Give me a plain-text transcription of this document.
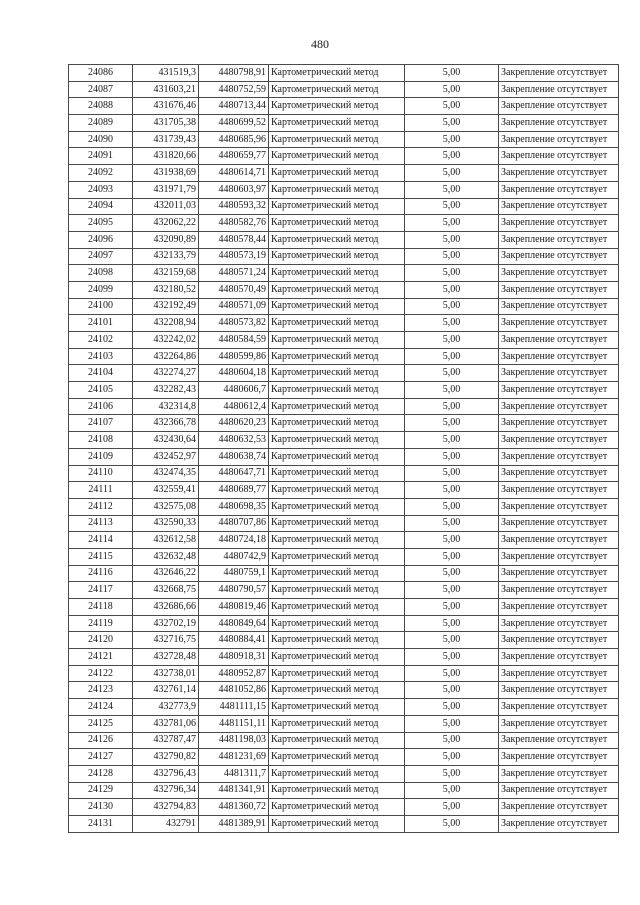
480
24086	431519,3	4480798,91	Картометрический метод	5,00	Закрепление отсутствует
24087	431603,21	4480752,59	Картометрический метод	5,00	Закрепление отсутствует
24088	431676,46	4480713,44	Картометрический метод	5,00	Закрепление отсутствует
24089	431705,38	4480699,52	Картометрический метод	5,00	Закрепление отсутствует
24090	431739,43	4480685,96	Картометрический метод	5,00	Закрепление отсутствует
24091	431820,66	4480659,77	Картометрический метод	5,00	Закрепление отсутствует
24092	431938,69	4480614,71	Картометрический метод	5,00	Закрепление отсутствует
24093	431971,79	4480603,97	Картометрический метод	5,00	Закрепление отсутствует
24094	432011,03	4480593,32	Картометрический метод	5,00	Закрепление отсутствует
24095	432062,22	4480582,76	Картометрический метод	5,00	Закрепление отсутствует
24096	432090,89	4480578,44	Картометрический метод	5,00	Закрепление отсутствует
24097	432133,79	4480573,19	Картометрический метод	5,00	Закрепление отсутствует
24098	432159,68	4480571,24	Картометрический метод	5,00	Закрепление отсутствует
24099	432180,52	4480570,49	Картометрический метод	5,00	Закрепление отсутствует
24100	432192,49	4480571,09	Картометрический метод	5,00	Закрепление отсутствует
24101	432208,94	4480573,82	Картометрический метод	5,00	Закрепление отсутствует
24102	432242,02	4480584,59	Картометрический метод	5,00	Закрепление отсутствует
24103	432264,86	4480599,86	Картометрический метод	5,00	Закрепление отсутствует
24104	432274,27	4480604,18	Картометрический метод	5,00	Закрепление отсутствует
24105	432282,43	4480606,7	Картометрический метод	5,00	Закрепление отсутствует
24106	432314,8	4480612,4	Картометрический метод	5,00	Закрепление отсутствует
24107	432366,78	4480620,23	Картометрический метод	5,00	Закрепление отсутствует
24108	432430,64	4480632,53	Картометрический метод	5,00	Закрепление отсутствует
24109	432452,97	4480638,74	Картометрический метод	5,00	Закрепление отсутствует
24110	432474,35	4480647,71	Картометрический метод	5,00	Закрепление отсутствует
24111	432559,41	4480689,77	Картометрический метод	5,00	Закрепление отсутствует
24112	432575,08	4480698,35	Картометрический метод	5,00	Закрепление отсутствует
24113	432590,33	4480707,86	Картометрический метод	5,00	Закрепление отсутствует
24114	432612,58	4480724,18	Картометрический метод	5,00	Закрепление отсутствует
24115	432632,48	4480742,9	Картометрический метод	5,00	Закрепление отсутствует
24116	432646,22	4480759,1	Картометрический метод	5,00	Закрепление отсутствует
24117	432668,75	4480790,57	Картометрический метод	5,00	Закрепление отсутствует
24118	432686,66	4480819,46	Картометрический метод	5,00	Закрепление отсутствует
24119	432702,19	4480849,64	Картометрический метод	5,00	Закрепление отсутствует
24120	432716,75	4480884,41	Картометрический метод	5,00	Закрепление отсутствует
24121	432728,48	4480918,31	Картометрический метод	5,00	Закрепление отсутствует
24122	432738,01	4480952,87	Картометрический метод	5,00	Закрепление отсутствует
24123	432761,14	4481052,86	Картометрический метод	5,00	Закрепление отсутствует
24124	432773,9	4481111,15	Картометрический метод	5,00	Закрепление отсутствует
24125	432781,06	4481151,11	Картометрический метод	5,00	Закрепление отсутствует
24126	432787,47	4481198,03	Картометрический метод	5,00	Закрепление отсутствует
24127	432790,82	4481231,69	Картометрический метод	5,00	Закрепление отсутствует
24128	432796,43	4481311,7	Картометрический метод	5,00	Закрепление отсутствует
24129	432796,34	4481341,91	Картометрический метод	5,00	Закрепление отсутствует
24130	432794,83	4481360,72	Картометрический метод	5,00	Закрепление отсутствует
24131	432791	4481389,91	Картометрический метод	5,00	Закрепление отсутствует
